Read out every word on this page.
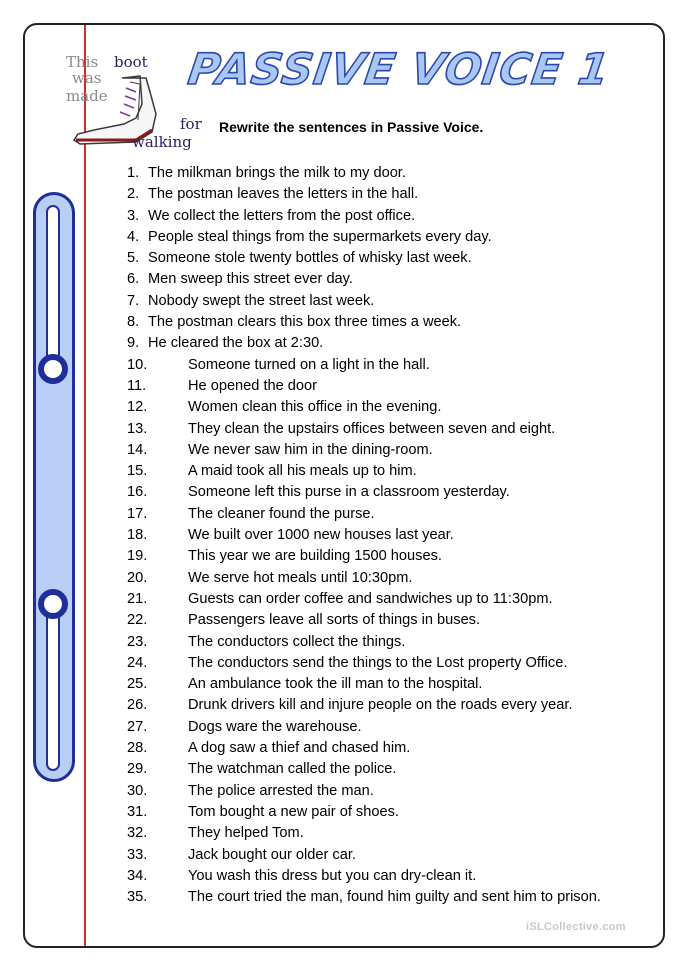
This boot
was
made
for
walking
PASSIVE VOICE 1
Rewrite the sentences in Passive Voice.
1. The milkman brings the milk to my door.
2. The postman leaves the letters in the hall.
3. We collect the letters from the post office.
4. People steal things from the supermarkets every day.
5. Someone stole twenty bottles of whisky last week.
6. Men sweep this street ever day.
7. Nobody swept the street last week.
8. The postman clears this box three times a week.
9. He cleared the box at 2:30.
10.	Someone turned on a light in the hall.
11.	He opened the door
12.	Women clean this office in the evening.
13.	They clean the upstairs offices between seven and eight.
14.	We never saw him in the dining-room.
15.	A maid took all his meals up to him.
16.	Someone left this purse in a classroom yesterday.
17.	The cleaner found the purse.
18.	We built over 1000 new houses last year.
19.	This year we are building 1500 houses.
20.	We serve hot meals until 10:30pm.
21.	Guests can order coffee and sandwiches up to 11:30pm.
22.	Passengers leave all sorts of things in buses.
23.	The conductors collect the things.
24.	The conductors send the things to the Lost property Office.
25.	An ambulance took the ill man to the hospital.
26.	Drunk drivers kill and injure people on the roads every year.
27.	Dogs ware the warehouse.
28.	A dog saw a thief and chased him.
29.	The watchman called the police.
30.	The police arrested the man.
31.	Tom bought a new pair of shoes.
32.	They helped Tom.
33.	Jack bought our older car.
34.	You wash this dress but you can dry-clean it.
35.	The court tried the man, found him guilty and sent him to prison.
iSLCollective.com
